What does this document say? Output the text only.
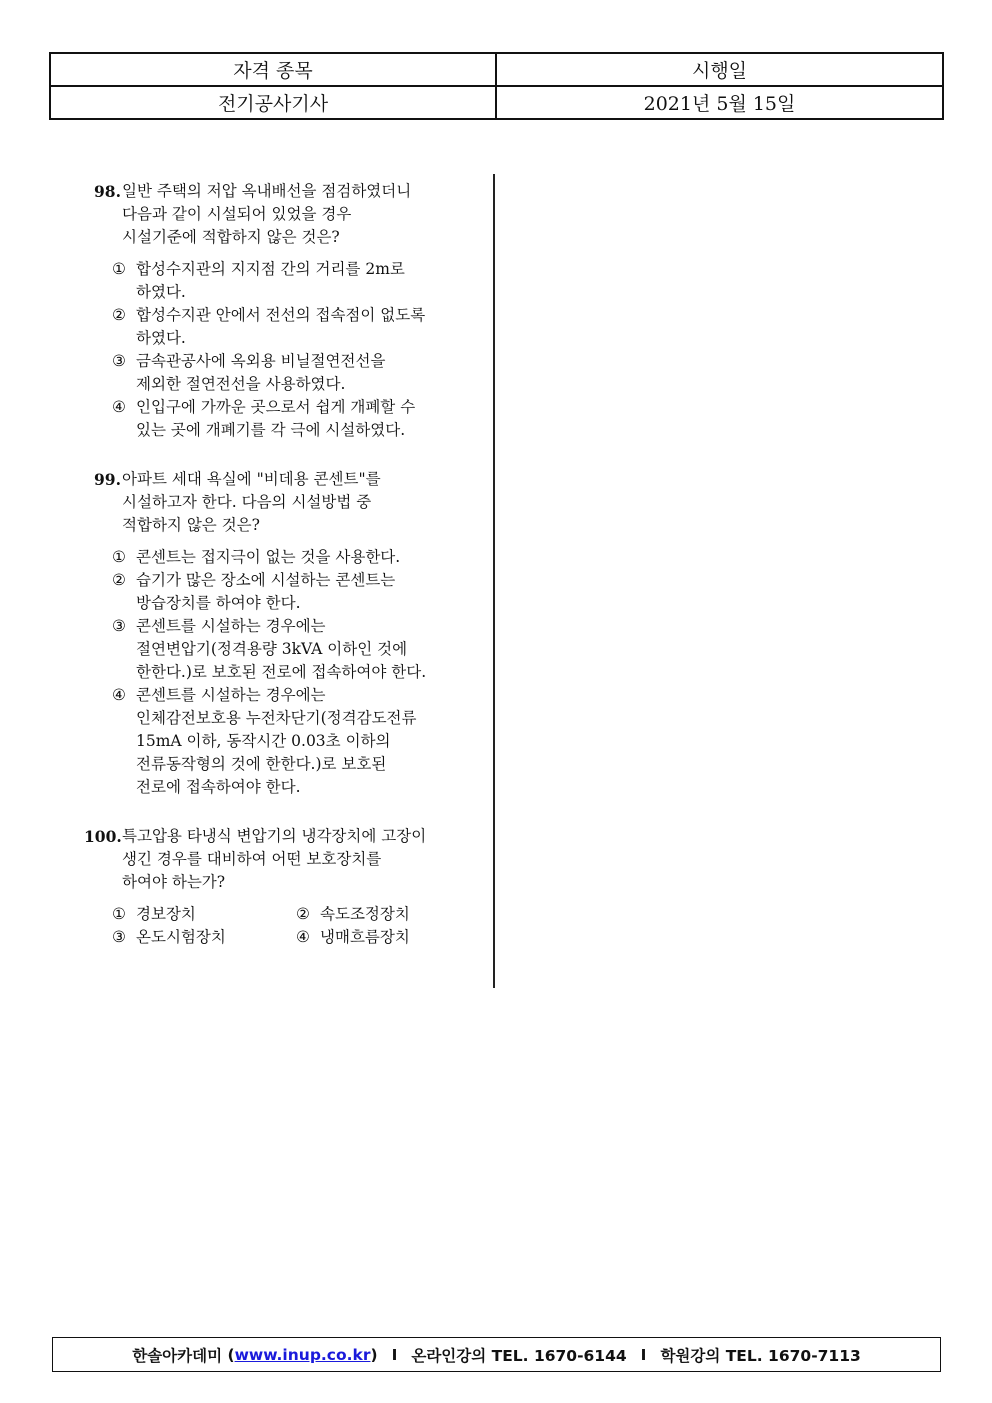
자격 종목	시행일
전기공사기사	2021년 5월 15일
98. 일반 주택의 저압 옥내배선을 점검하였더니
다음과 같이 시설되어 있었을 경우
시설기준에 적합하지 않은 것은?
① 합성수지관의 지지점 간의 거리를 2m로
하였다.
② 합성수지관 안에서 전선의 접속점이 없도록
하였다.
③ 금속관공사에 옥외용 비닐절연전선을
제외한 절연전선을 사용하였다.
④ 인입구에 가까운 곳으로서 쉽게 개폐할 수
있는 곳에 개폐기를 각 극에 시설하였다.
99. 아파트 세대 욕실에 "비데용 콘센트"를
시설하고자 한다. 다음의 시설방법 중
적합하지 않은 것은?
① 콘센트는 접지극이 없는 것을 사용한다.
② 습기가 많은 장소에 시설하는 콘센트는
방습장치를 하여야 한다.
③ 콘센트를 시설하는 경우에는
절연변압기(정격용량 3kVA 이하인 것에
한한다.)로 보호된 전로에 접속하여야 한다.
④ 콘센트를 시설하는 경우에는
인체감전보호용 누전차단기(정격감도전류
15mA 이하, 동작시간 0.03초 이하의
전류동작형의 것에 한한다.)로 보호된
전로에 접속하여야 한다.
100. 특고압용 타냉식 변압기의 냉각장치에 고장이
생긴 경우를 대비하여 어떤 보호장치를
하여야 하는가?
① 경보장치	② 속도조정장치
③ 온도시험장치	④ 냉매흐름장치
한솔아카데미
( www.inup.co.kr ) I 온라인강의 TEL. 1670-6144 I 학원강의 TEL. 1670-7113
